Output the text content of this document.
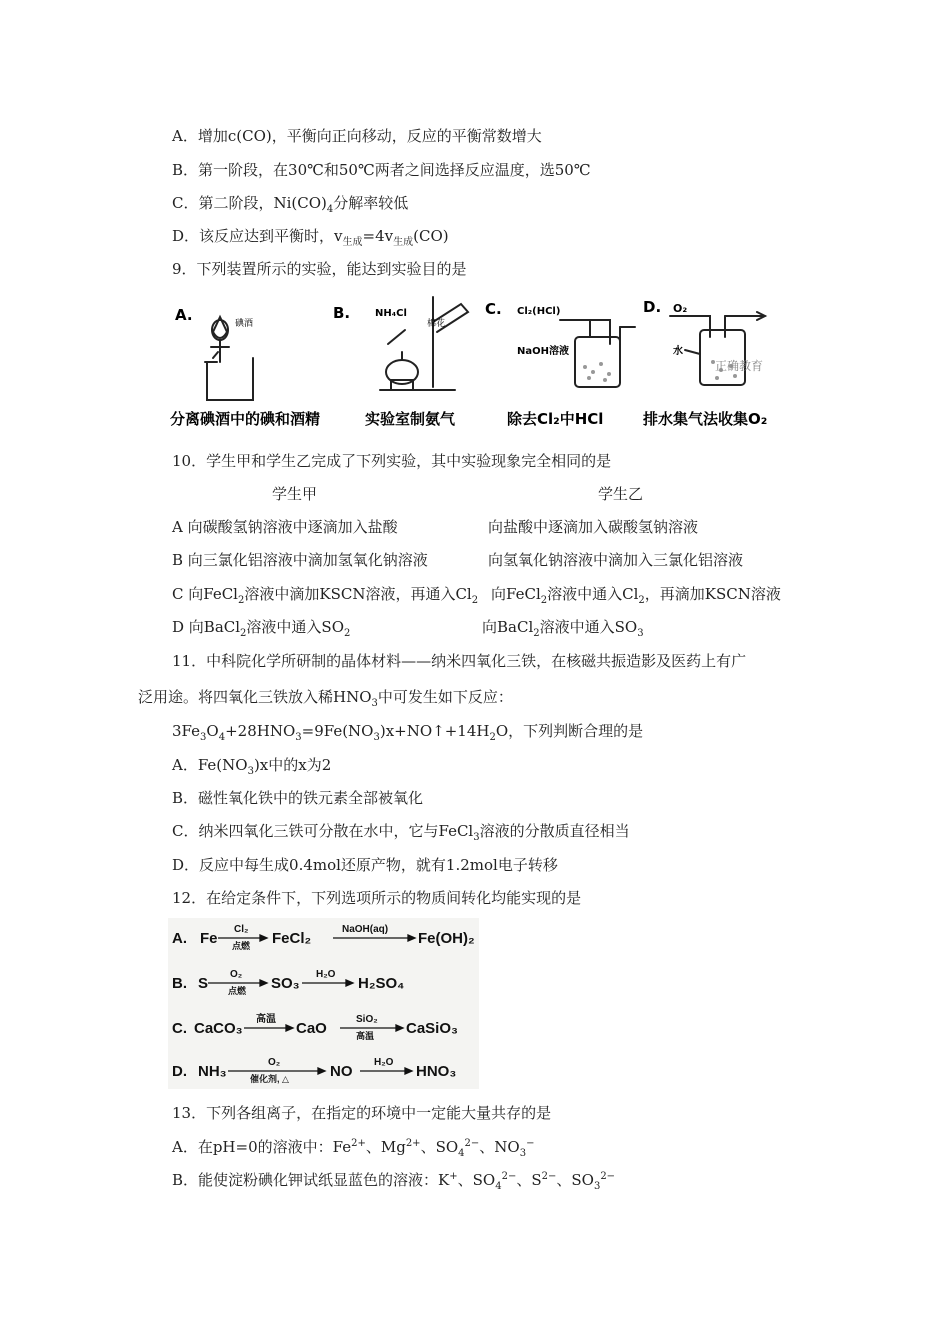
A．增加c(CO)，平衡向正向移动，反应的平衡常数增大
B．第一阶段，在30℃和50℃两者之间选择反应温度，选50℃
C．第二阶段，$Ni(CO)_4$分解率较低
D．该反应达到平衡时，$v_{生成}=4v_{生成}(CO)$
9．下列装置所示的实验，能达到实验目的是
A.	碘酒
B. NH₄Cl
棉花
C. Cl₂(HCl)
NaOH溶液
D. O₂
水
正确教育
分离碘酒中的碘和酒精	实验室制氨气	除去Cl₂中HCl	排水集气法收集O₂
10．学生甲和学生乙完成了下列实验，其中实验现象完全相同的是
学生甲	学生乙
A 向碳酸氢钠溶液中逐滴加入盐酸	向盐酸中逐滴加入碳酸氢钠溶液
B 向三氯化铝溶液中滴加氢氧化钠溶液	向氢氧化钠溶液中滴加入三氯化铝溶液
C 向FeCl$_2$溶液中滴加KSCN溶液，再通入$Cl_2$ 向FeCl$_2$溶液中通入$Cl_2$，再滴加KSCN溶液
D 向BaCl$_2$溶液中通入$SO_2$	向BaCl$_2$溶液中通入$SO_3$
11．中科院化学所研制的晶体材料——纳米四氧化三铁，在核磁共振造影及医药上有广
泛用途。将四氧化三铁放入稀$HNO_3$中可发生如下反应：
$3Fe_3O_4+28HNO_3=9Fe(NO_3)x+NO↑+14H_2O$，下列判断合理的是
A．$Fe(NO_3)x$中的x为2
B．磁性氧化铁中的铁元素全部被氧化
C．纳米四氧化三铁可分散在水中，它与FeCl$_3$溶液的分散质直径相当
D．反应中每生成0.4mol还原产物，就有1.2mol电子转移
12．在给定条件下，下列选项所示的物质间转化均能实现的是
A. Fe
Cl₂
点燃 FeCl₂
NaOH(aq)
Fe(OH)₂
B. S
O₂
点燃 SO₃
H₂O
H₂SO₄
C. CaCO₃
高温
CaO
SiO₂
高温 CaSiO₃
D. NH₃
O₂
催化剂, △	NO
H₂O
HNO₃
13．下列各组离子，在指定的环境中一定能大量共存的是
A．在pH=0的溶液中：$Fe^{2+}$、$Mg^{2+}$、$SO_4^{2-}$、$NO_3^-$
B．能使淀粉碘化钾试纸显蓝色的溶液：K+、$SO_4^{2-}$、$S^{2-}$、$SO_3^{2-}$
